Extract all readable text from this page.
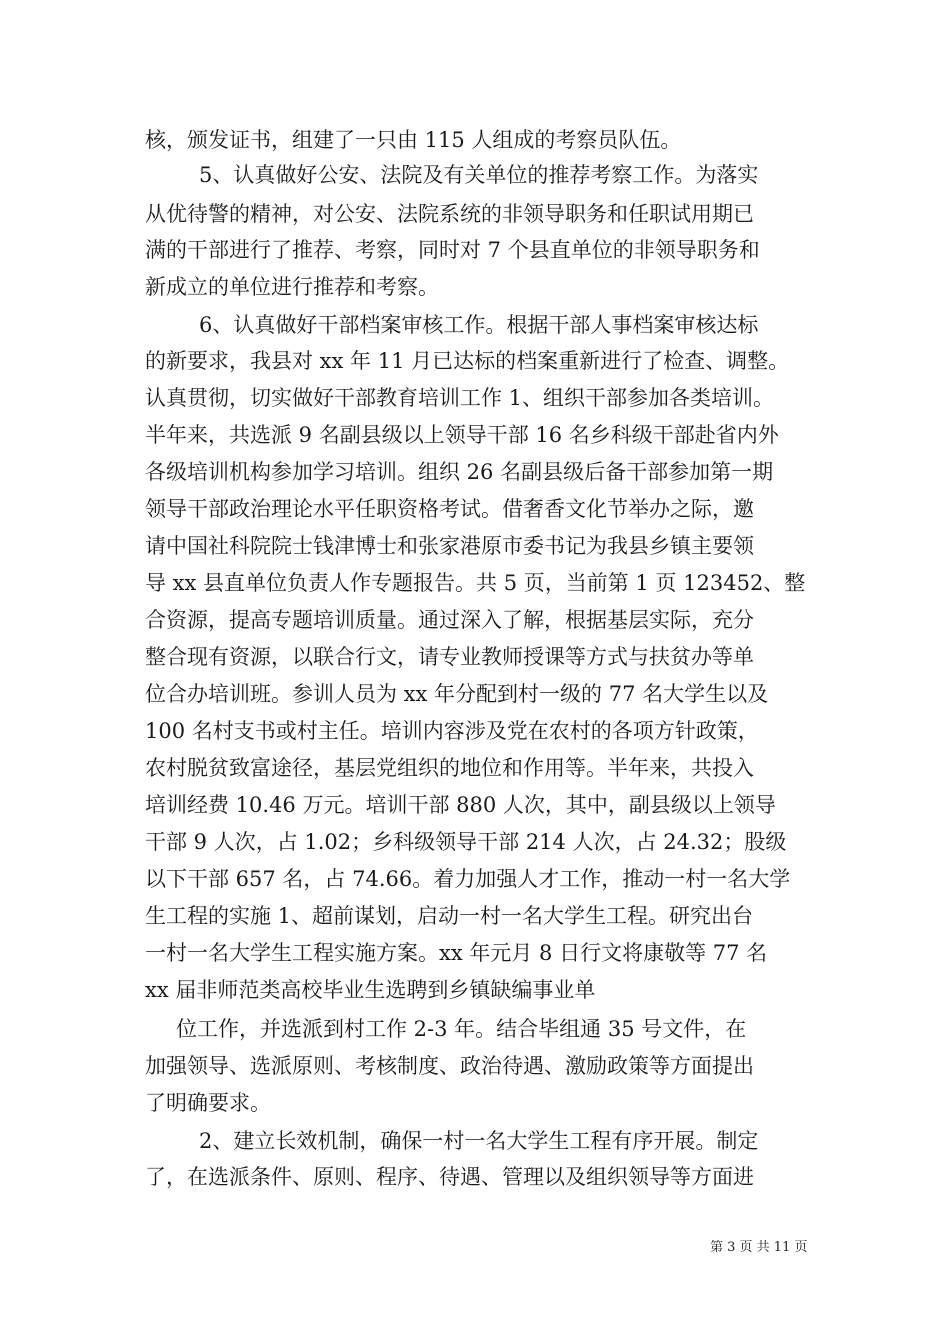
核，颁发证书，组建了一只由 115 人组成的考察员队伍。
5、认真做好公安、法院及有关单位的推荐考察工作。为落实
从优待警的精神，对公安、法院系统的非领导职务和任职试用期已
满的干部进行了推荐、考察，同时对 7 个县直单位的非领导职务和
新成立的单位进行推荐和考察。
6、认真做好干部档案审核工作。根据干部人事档案审核达标
的新要求，我县对 xx 年 11 月已达标的档案重新进行了检查、调整。
认真贯彻，切实做好干部教育培训工作 1、组织干部参加各类培训。
半年来，共选派 9 名副县级以上领导干部 16 名乡科级干部赴省内外
各级培训机构参加学习培训。组织 26 名副县级后备干部参加第一期
领导干部政治理论水平任职资格考试。借奢香文化节举办之际，邀
请中国社科院院士钱津博士和张家港原市委书记为我县乡镇主要领
导 xx 县直单位负责人作专题报告。共 5 页，当前第 1 页 123452、整
合资源，提高专题培训质量。通过深入了解，根据基层实际，充分
整合现有资源，以联合行文，请专业教师授课等方式与扶贫办等单
位合办培训班。参训人员为 xx 年分配到村一级的 77 名大学生以及
100 名村支书或村主任。培训内容涉及党在农村的各项方针政策，
农村脱贫致富途径，基层党组织的地位和作用等。半年来，共投入
培训经费 10.46 万元。培训干部 880 人次，其中，副县级以上领导
干部 9 人次，占 1.02；乡科级领导干部 214 人次，占 24.32；股级
以下干部 657 名，占 74.66。着力加强人才工作，推动一村一名大学
生工程的实施 1、超前谋划，启动一村一名大学生工程。研究出台
一村一名大学生工程实施方案。xx 年元月 8 日行文将康敬等 77 名
xx 届非师范类高校毕业生选聘到乡镇缺编事业单
位工作，并选派到村工作 2-3 年。结合毕组通 35 号文件，在
加强领导、选派原则、考核制度、政治待遇、激励政策等方面提出
了明确要求。
2、建立长效机制，确保一村一名大学生工程有序开展。制定
了，在选派条件、原则、程序、待遇、管理以及组织领导等方面进
第 3 页 共 11 页
